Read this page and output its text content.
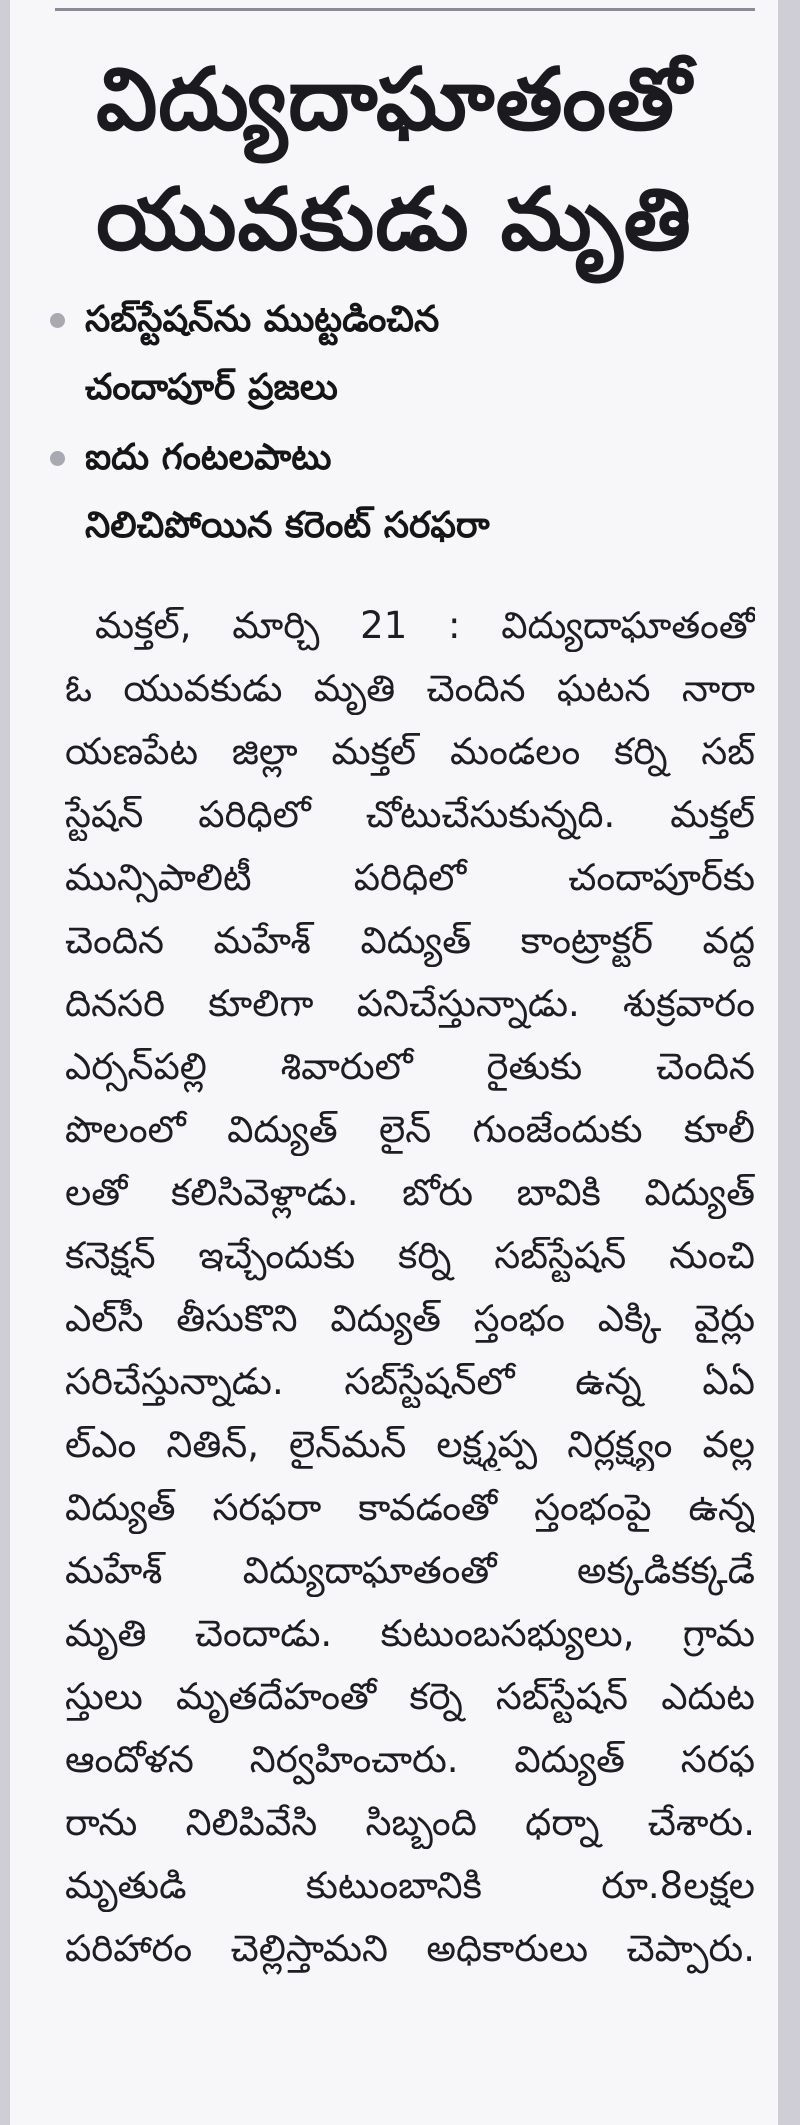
విద్యుదాఘాతంతో
యువకుడు మృతి
సబ్‌స్టేషన్‌ను ముట్టడించిన
చందాపూర్ ప్రజలు
ఐదు గంటలపాటు
నిలిచిపోయిన కరెంట్ సరఫరా
మక్తల్, మార్చి 21 : విద్యుదాఘాతంతో
ఓ యువకుడు మృతి చెందిన ఘటన నారా
యణపేట జిల్లా మక్తల్ మండలం కర్ని సబ్
స్టేషన్ పరిధిలో చోటుచేసుకున్నది. మక్తల్
మున్సిపాలిటీ పరిధిలో చందాపూర్‌కు
చెందిన మహేశ్ విద్యుత్ కాంట్రాక్టర్ వద్ద
దినసరి కూలిగా పనిచేస్తున్నాడు. శుక్రవారం
ఎర్సన్‌పల్లి శివారులో రైతుకు చెందిన
పొలంలో విద్యుత్ లైన్ గుంజేందుకు కూలీ
లతో కలిసివెళ్లాడు. బోరు బావికి విద్యుత్
కనెక్షన్ ఇచ్చేందుకు కర్ని సబ్‌స్టేషన్ నుంచి
ఎల్‌సీ తీసుకొని విద్యుత్ స్తంభం ఎక్కి వైర్లు
సరిచేస్తున్నాడు. సబ్‌స్టేషన్‌లో ఉన్న ఏఏ
ల్‌ఎం నితిన్, లైన్‌మన్ లక్ష్మప్ప నిర్లక్ష్యం వల్ల
విద్యుత్ సరఫరా కావడంతో స్తంభంపై ఉన్న
మహేశ్ విద్యుదాఘాతంతో అక్కడికక్కడే
మృతి చెందాడు. కుటుంబసభ్యులు, గ్రామ
స్తులు మృతదేహంతో కర్నె సబ్‌స్టేషన్ ఎదుట
ఆందోళన నిర్వహించారు. విద్యుత్ సరఫ
రాను నిలిపివేసి సిబ్బంది ధర్నా చేశారు.
మృతుడి కుటుంబానికి రూ.8లక్షల
పరిహారం చెల్లిస్తామని అధికారులు చెప్పారు.
